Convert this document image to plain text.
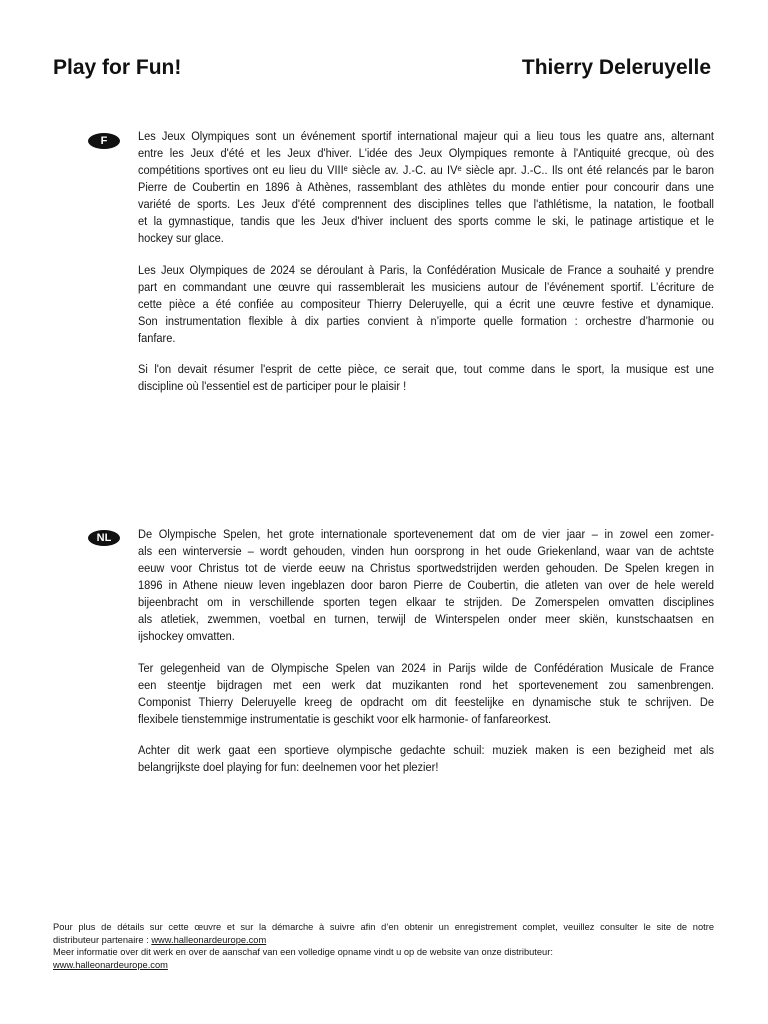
Play for Fun!	Thierry Deleruyelle
F	Les Jeux Olympiques sont un événement sportif international majeur qui a lieu tous les quatre ans, alternant
entre les Jeux d'été et les Jeux d'hiver. L'idée des Jeux Olympiques remonte à l'Antiquité grecque, où des
compétitions sportives ont eu lieu du VIIIᵉ siècle av. J.-C. au IVᵉ siècle apr. J.-C.. Ils ont été relancés par le baron
Pierre de Coubertin en 1896 à Athènes, rassemblant des athlètes du monde entier pour concourir dans une
variété de sports. Les Jeux d'été comprennent des disciplines telles que l'athlétisme, la natation, le football
et la gymnastique, tandis que les Jeux d'hiver incluent des sports comme le ski, le patinage artistique et le
hockey sur glace.
Les Jeux Olympiques de 2024 se déroulant à Paris, la Confédération Musicale de France a souhaité y prendre
part en commandant une œuvre qui rassemblerait les musiciens autour de l’événement sportif. L’écriture de
cette pièce a été confiée au compositeur Thierry Deleruyelle, qui a écrit une œuvre festive et dynamique.
Son instrumentation flexible à dix parties convient à n’importe quelle formation : orchestre d’harmonie ou
fanfare.
Si l'on devait résumer l'esprit de cette pièce, ce serait que, tout comme dans le sport, la musique est une
discipline où l'essentiel est de participer pour le plaisir !
NL	De Olympische Spelen, het grote internationale sportevenement dat om de vier jaar – in zowel een zomer-
als een winterversie – wordt gehouden, vinden hun oorsprong in het oude Griekenland, waar van de achtste
eeuw voor Christus tot de vierde eeuw na Christus sportwedstrijden werden gehouden. De Spelen kregen in
1896 in Athene nieuw leven ingeblazen door baron Pierre de Coubertin, die atleten van over de hele wereld
bijeenbracht om in verschillende sporten tegen elkaar te strijden. De Zomerspelen omvatten disciplines
als atletiek, zwemmen, voetbal en turnen, terwijl de Winterspelen onder meer skiën, kunstschaatsen en
ijshockey omvatten.
Ter gelegenheid van de Olympische Spelen van 2024 in Parijs wilde de Confédération Musicale de France
een steentje bijdragen met een werk dat muzikanten rond het sportevenement zou samenbrengen.
Componist Thierry Deleruyelle kreeg de opdracht om dit feestelijke en dynamische stuk te schrijven. De
flexibele tienstemmige instrumentatie is geschikt voor elk harmonie- of fanfareorkest.
Achter dit werk gaat een sportieve olympische gedachte schuil: muziek maken is een bezigheid met als
belangrijkste doel playing for fun: deelnemen voor het plezier!
Pour plus de détails sur cette œuvre et sur la démarche à suivre afin d’en obtenir un enregistrement complet, veuillez consulter le site de notre
distributeur partenaire : www.halleonardeurope.com
Meer informatie over dit werk en over de aanschaf van een volledige opname vindt u op de website van onze distributeur:
www.halleonardeurope.com
